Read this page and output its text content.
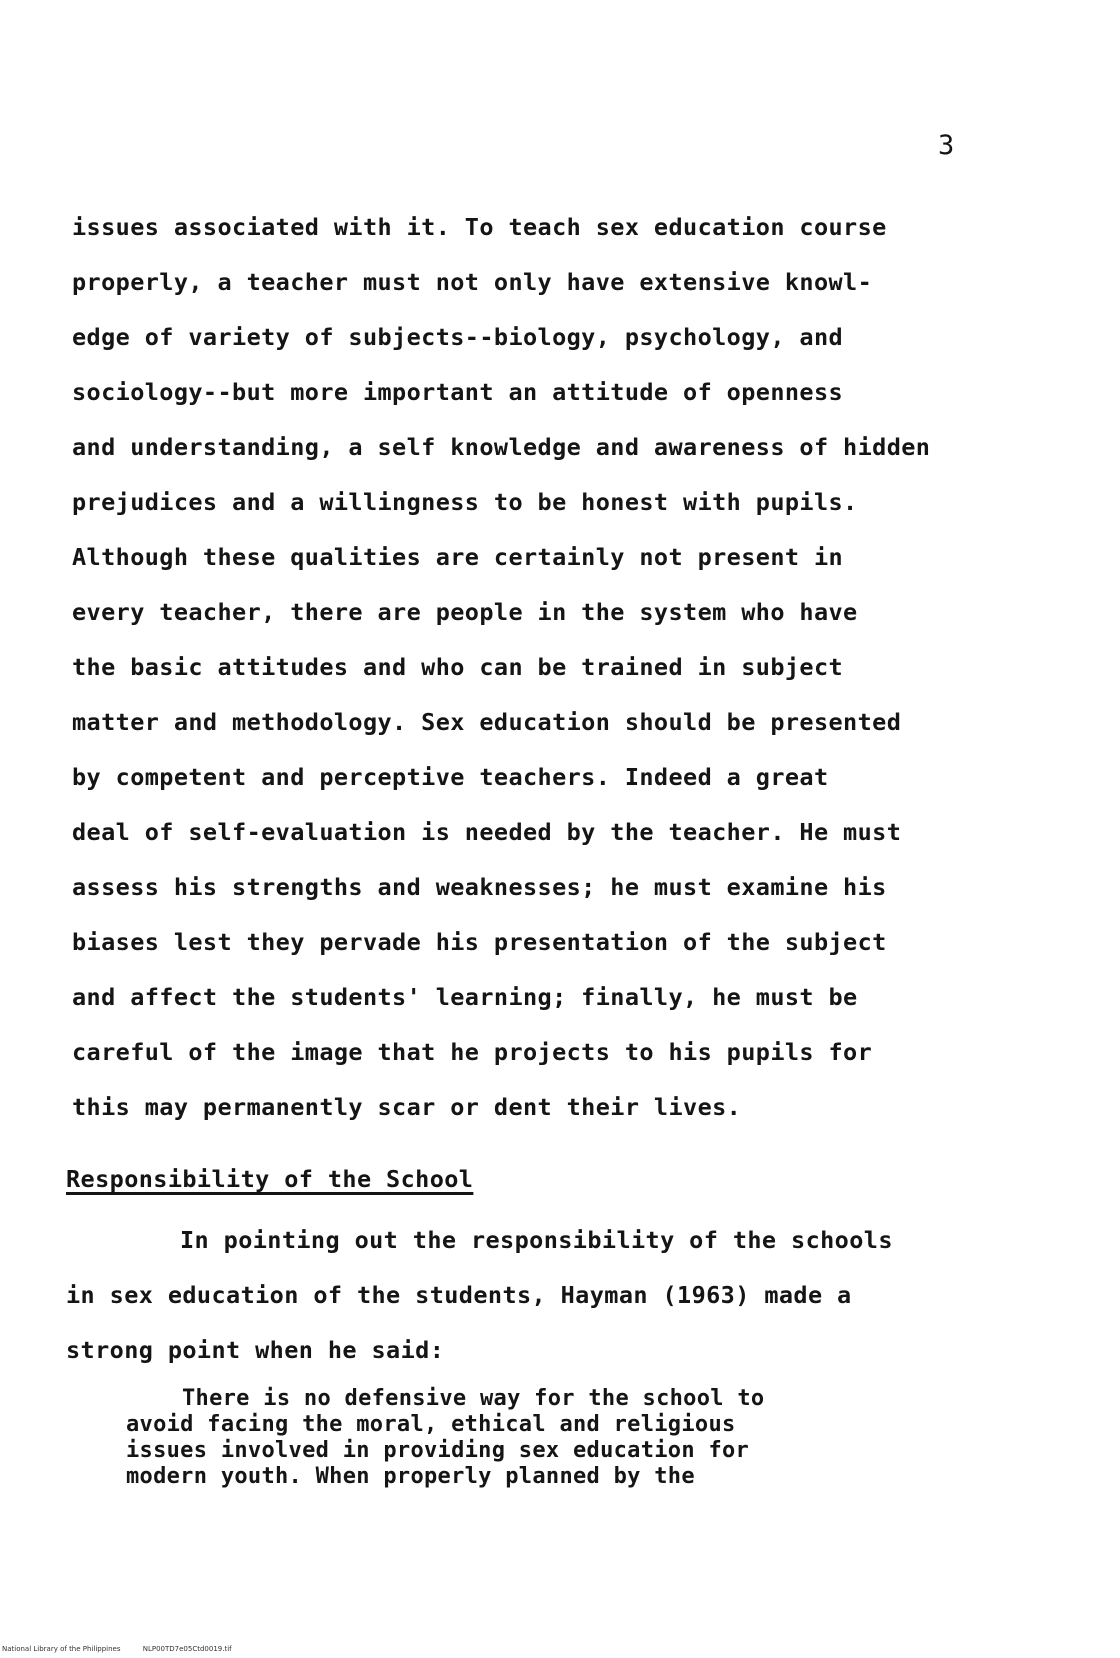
3
issues associated with it. To teach sex education course
properly, a teacher must not only have extensive knowl-
edge of variety of subjects--biology, psychology, and
sociology--but more important an attitude of openness
and understanding, a self knowledge and awareness of hidden
prejudices and a willingness to be honest with pupils.
Although these qualities are certainly not present in
every teacher, there are people in the system who have
the basic attitudes and who can be trained in subject
matter and methodology. Sex education should be presented
by competent and perceptive teachers. Indeed a great
deal of self-evaluation is needed by the teacher. He must
assess his strengths and weaknesses; he must examine his
biases lest they pervade his presentation of the subject
and affect the students' learning; finally, he must be
careful of the image that he projects to his pupils for
this may permanently scar or dent their lives.
Responsibility of the School
In pointing out the responsibility of the schools
in sex education of the students, Hayman (1963) made a
strong point when he said:
There is no defensive way for the school to
avoid facing the moral, ethical and religious
issues involved in providing sex education for
modern youth. When properly planned by the
National Library of the Philippines	NLP00TD7e05Ctd0019.tif
